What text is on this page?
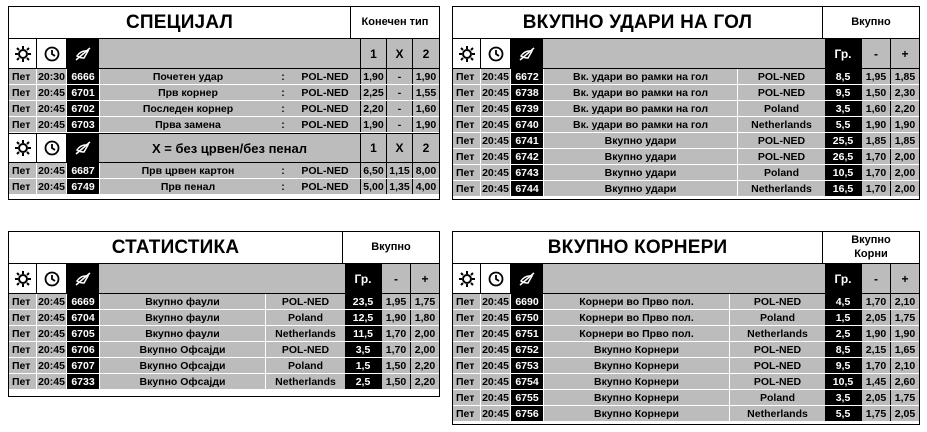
СПЕЦИЈАЛ	Конечен тип
1	X	2
Пет 20:30 6666	Почетен удар	:	POL-NED	1,90	-	1,90
Пет 20:45 6701	Прв корнер	:	POL-NED	2,25	-	1,55
Пет 20:45 6702	Последен корнер	:	POL-NED	2,20	-	1,60
Пет 20:45 6703	Прва замена	:	POL-NED	1,90	-	1,90
X = без црвен/без пенал	1	X	2
Пет 20:45 6687	Прв црвен картон	:	POL-NED	6,50 1,15 8,00
Пет 20:45 6749	Прв пенал	:	POL-NED	5,00 1,35 4,00
ВКУПНО УДАРИ НА ГОЛ	Вкупно
Гр.	-	+
Пет 20:45 6672	Вк. удари во рамки на гол	POL-NED	8,5	1,95 1,85
Пет 20:45 6738	Вк. удари во рамки на гол	POL-NED	9,5	1,50 2,30
Пет 20:45 6739	Вк. удари во рамки на гол	Poland	3,5	1,60 2,20
Пет 20:45 6740	Вк. удари во рамки на гол	Netherlands	5,5	1,90 1,90
Пет 20:45 6741	Вкупно удари	POL-NED	25,5	1,85 1,85
Пет 20:45 6742	Вкупно удари	POL-NED	26,5	1,70 2,00
Пет 20:45 6743	Вкупно удари	Poland	10,5	1,70 2,00
Пет 20:45 6744	Вкупно удари	Netherlands	16,5	1,70 2,00
СТАТИСТИКА	Вкупно
Гр.	-	+
Пет 20:45 6669	Вкупно фаули	POL-NED	23,5	1,95 1,75
Пет 20:45 6704	Вкупно фаули	Poland	12,5	1,90 1,80
Пет 20:45 6705	Вкупно фаули	Netherlands	11,5	1,70 2,00
Пет 20:45 6706	Вкупно Офсајди	POL-NED	3,5	1,70 2,00
Пет 20:45 6707	Вкупно Офсајди	Poland	1,5	1,50 2,20
Пет 20:45 6733	Вкупно Офсајди	Netherlands	2,5	1,50 2,20
ВКУПНО КОРНЕРИ	Вкупно Корни
Гр.	-	+
Пет 20:45 6690	Корнери во Прво пол.	POL-NED	4,5	1,70 2,10
Пет 20:45 6750	Корнери во Прво пол.	Poland	1,5	2,05 1,75
Пет 20:45 6751	Корнери во Прво пол.	Netherlands	2,5	1,90 1,90
Пет 20:45 6752	Вкупно Корнери	POL-NED	8,5	2,15 1,65
Пет 20:45 6753	Вкупно Корнери	POL-NED	9,5	1,70 2,10
Пет 20:45 6754	Вкупно Корнери	POL-NED	10,5	1,45 2,60
Пет 20:45 6755	Вкупно Корнери	Poland	3,5	2,05 1,75
Пет 20:45 6756	Вкупно Корнери	Netherlands	5,5	1,75 2,05
